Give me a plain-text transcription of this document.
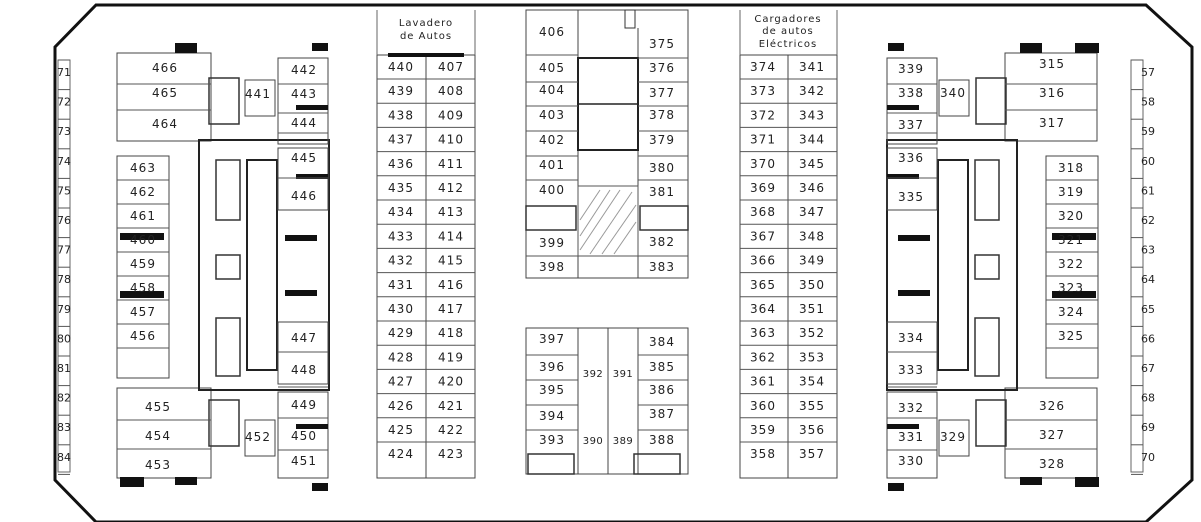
Lavadero
de Autos
Cargadores
de autos
Eléctricos
71
72
73
74
75
76
77
78
79
80
81
82
83
84
57
58
59
60
61
62
63
64
65
66
67
68
69
70
466
465
464
463
462
461
460
459
458
457
456
455
454
453
442
443
444
445
446
447
448
449
450
451
441
452
440
439
438
437
436
435
434
433
432
431
430
429
428
427
426
425
424
407
408
409
410
411
412
413
414
415
416
417
418
419
420
421
422
423
406
405
404
403
402
401
400
399
398
375
376
377
378
379
380
381
382
383
397
396
395
394
393
384
385
386
387
388
392 391
390 389
374
373
372
371
370
369
368
367
366
365
364
363
362
361
360
359
358
341
342
343
344
345
346
347
348
349
350
351
352
353
354
355
356
357
315
316
317
318
319
320
321
322
323
324
325
326
327
328
339
338
337
336
335
334
333
332
331
330
340
329
